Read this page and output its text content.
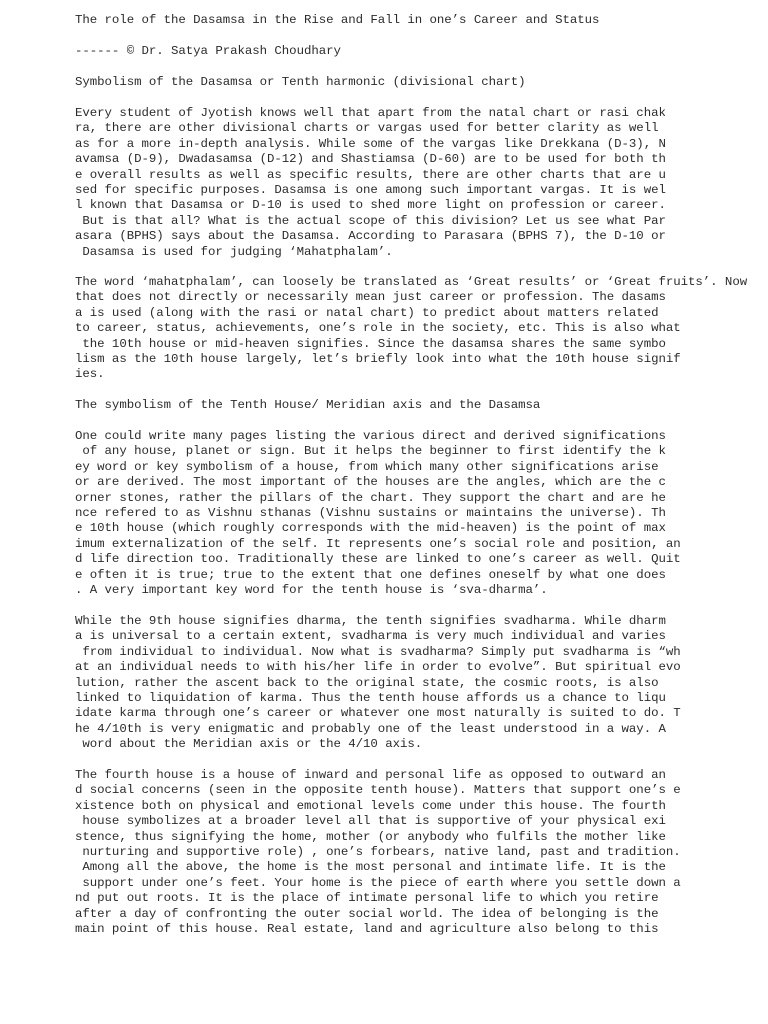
The role of the Dasamsa in the Rise and Fall in one’s Career and Status
------ © Dr. Satya Prakash Choudhary
Symbolism of the Dasamsa or Tenth harmonic (divisional chart)
Every student of Jyotish knows well that apart from the natal chart or rasi chak
ra, there are other divisional charts or vargas used for better clarity as well
as for a more in-depth analysis. While some of the vargas like Drekkana (D-3), N
avamsa (D-9), Dwadasamsa (D-12) and Shastiamsa (D-60) are to be used for both th
e overall results as well as specific results, there are other charts that are u
sed for specific purposes. Dasamsa is one among such important vargas. It is wel
l known that Dasamsa or D-10 is used to shed more light on profession or career.
But is that all? What is the actual scope of this division? Let us see what Par
asara (BPHS) says about the Dasamsa. According to Parasara (BPHS 7), the D-10 or
Dasamsa is used for judging ‘Mahatphalam’.
The word ‘mahatphalam’, can loosely be translated as ‘Great results’ or ‘Great fruits’. Now
that does not directly or necessarily mean just career or profession. The dasams
a is used (along with the rasi or natal chart) to predict about matters related
to career, status, achievements, one’s role in the society, etc. This is also what
the 10th house or mid-heaven signifies. Since the dasamsa shares the same symbo
lism as the 10th house largely, let’s briefly look into what the 10th house signif
ies.
The symbolism of the Tenth House/ Meridian axis and the Dasamsa
One could write many pages listing the various direct and derived significations
of any house, planet or sign. But it helps the beginner to first identify the k
ey word or key symbolism of a house, from which many other significations arise
or are derived. The most important of the houses are the angles, which are the c
orner stones, rather the pillars of the chart. They support the chart and are he
nce refered to as Vishnu sthanas (Vishnu sustains or maintains the universe). Th
e 10th house (which roughly corresponds with the mid-heaven) is the point of max
imum externalization of the self. It represents one’s social role and position, an
d life direction too. Traditionally these are linked to one’s career as well. Quit
e often it is true; true to the extent that one defines oneself by what one does
. A very important key word for the tenth house is ‘sva-dharma’.
While the 9th house signifies dharma, the tenth signifies svadharma. While dharm
a is universal to a certain extent, svadharma is very much individual and varies
from individual to individual. Now what is svadharma? Simply put svadharma is “wh
at an individual needs to with his/her life in order to evolve”. But spiritual evo
lution, rather the ascent back to the original state, the cosmic roots, is also
linked to liquidation of karma. Thus the tenth house affords us a chance to liqu
idate karma through one’s career or whatever one most naturally is suited to do. T
he 4/10th is very enigmatic and probably one of the least understood in a way. A
word about the Meridian axis or the 4/10 axis.
The fourth house is a house of inward and personal life as opposed to outward an
d social concerns (seen in the opposite tenth house). Matters that support one’s e
xistence both on physical and emotional levels come under this house. The fourth
house symbolizes at a broader level all that is supportive of your physical exi
stence, thus signifying the home, mother (or anybody who fulfils the mother like
nurturing and supportive role) , one’s forbears, native land, past and tradition.
Among all the above, the home is the most personal and intimate life. It is the
support under one’s feet. Your home is the piece of earth where you settle down a
nd put out roots. It is the place of intimate personal life to which you retire
after a day of confronting the outer social world. The idea of belonging is the
main point of this house. Real estate, land and agriculture also belong to this
